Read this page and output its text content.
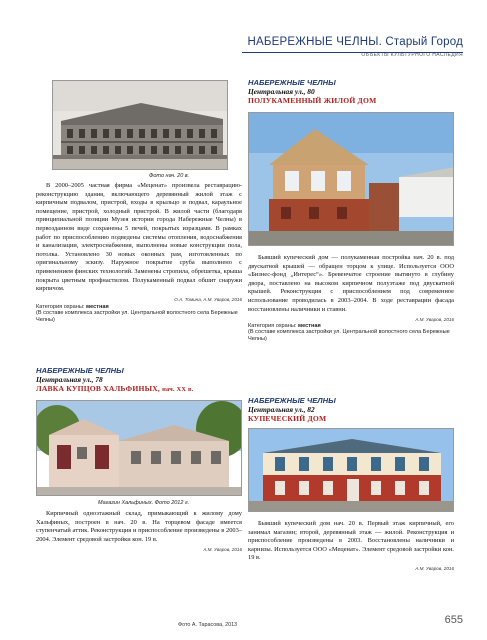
НАБЕРЕЖНЫЕ ЧЕЛНЫ. Старый Город
ОБЪЕКТЫ КУЛЬТУРНОГО НАСЛЕДИЯ
Фото нач. 20 в.

В 2000–2005 частная фирма «Меценат» произвела реставрацию-реконструкцию здания, включающего деревянный жилой этаж с кирпичным подвалом, пристрой, входы в крыльцо и подвал, караульное помещение, пристрой, холодный пристрой. В жилой части (благодаря принципиальной позиции Музея истории города Набережные Челны) в первозданном виде сохранены 5 печей, покрытых изразцами. В рамках работ по приспособлению подведены системы отопления, водоснабжения и канализации, электроснабжения, выполнены новые конструкции пола, потолка. Установлено 30 новых оконных рам, изготовленных по оригинальному эскизу. Наружное покрытие сруба выполнено с применением финских технологий. Заменены стропила, обрешетка, крыша покрыта цветным профнастилом. Полукаменный подвал обшит снаружи кирпичом.

О.А. Томина, А.М. Уваров, 2016
Категория охраны: местная
(В составе комплекса застройки ул. Центральной волостного села Бережные Челны)
НАБЕРЕЖНЫЕ ЧЕЛНЫ
Центральная ул., 78
ЛАВКА КУПЦОВ ХАЛЬФИНЫХ, нач. ХХ в.
Магазин Хальфиных. Фото 2012 г.

Кирпичный одноэтажный склад, примыкающий к жилому дому Хальфиных, построен в нач. 20 в. На торцевом фасаде имеется ступенчатый аттик. Реконструкция и приспособление произведены в 2003–2004. Элемент средовой застройки кон. 19 в.

А.М. Уваров, 2016
НАБЕРЕЖНЫЕ ЧЕЛНЫ
Центральная ул., 80
ПОЛУКАМЕННЫЙ ЖИЛОЙ ДОМ

Бывший купеческий дом — полукаменная постройка нач. 20 в. под двускатной крышей — обращен торцом к улице. Используется ООО «Бизнес-фонд „Интерес“». Бревенчатое строение вытянуто в глубину двора, поставлено на высоком кирпичном полуэтаже под двускатной крышей. Реконструкция с приспособлением под современное использование проводилась в 2003–2004. В ходе реставрации фасада восстановлены наличники и ставни.

А.М. Уваров, 2016
Категория охраны: местная
(В составе комплекса застройки ул. Центральной волостного села Бережные Челны)
НАБЕРЕЖНЫЕ ЧЕЛНЫ
Центральная ул., 82
КУПЕЧЕСКИЙ ДОМ

Бывший купеческий дом нач. 20 в. Первый этаж кирпичный, его занимал магазин; второй, деревянный этаж — жилой. Реконструкция и приспособление произведены в 2003. Восстановлены наличники и карнизы. Используется ООО «Меценат». Элемент средовой застройки кон. 19 в.

А.М. Уваров, 2016
Фото А. Тарасова, 2013	655
